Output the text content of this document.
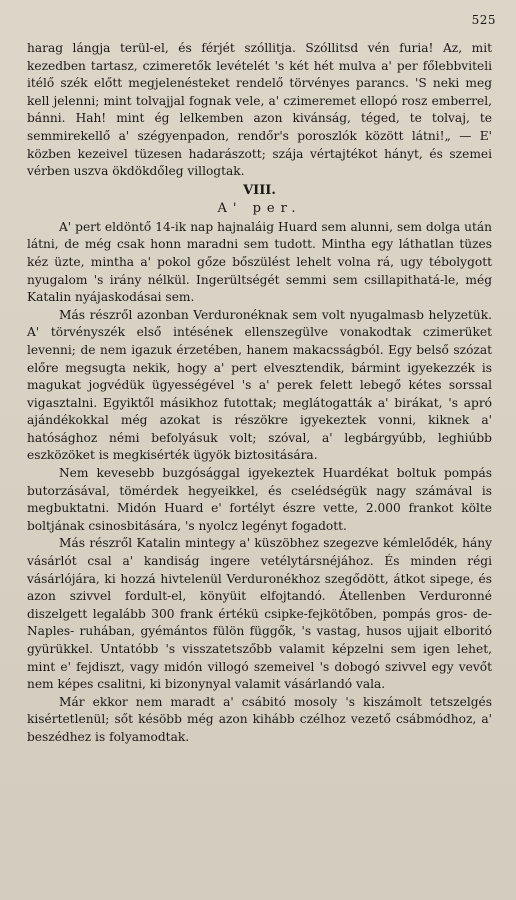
525

harag lángja terül-el, és férjét szóllitja. Szóllitsd vén furia! Az, mit kezedben tartasz, czimeretők levételét 's két hét mulva a' per főlebbviteli itélő szék előtt megjelenésteket rendelő törvényes parancs. 'S neki meg kell jelenni; mint tolvajjal fognak vele, a' czimeremet ellopó rosz emberrel, bánni. Hah! mint ég lelkemben azon kivánság, téged, te tolvaj, te semmirekellő a' szégyenpadon, rendőr's poroszlók között látni!„ — E' közben kezeivel tüzesen hadarászott; szája vértajtékot hányt, és szemei vérben uszva ökdökdőleg villogtak.

VIII.
A' per.

A' pert eldöntő 14-ik nap hajnaláig Huard sem alunni, sem dolga után látni, de még csak honn maradni sem tudott. Mintha egy láthatlan tüzes kéz üzte, mintha a' pokol gőze bőszülést lehelt volna rá, ugy tébolygott nyugalom 's irány nélkül. Ingerültségét semmi sem csillapithatá-le, még Katalin nyájaskodásai sem.

Más részről azonban Verduronéknak sem volt nyugalmasb helyzetük. A' törvényszék első intésének ellenszegülve vonakodtak czimerüket levenni; de nem igazuk érzetében, hanem makacsságból. Egy belső szózat előre megsugta nekik, hogy a' pert elvesztendik, bármint igyekezzék is magukat jogvédük ügyességével 's a' perek felett lebegő kétes sorssal vigasztalni. Egyiktől másikhoz futottak; meglátogatták a' birákat, 's apró ajándékokkal még azokat is részökre igyekeztek vonni, kiknek a' hatósághoz némi befolyásuk volt; szóval, a' legbárgyúbb, leghiúbb eszközöket is megkisérték ügyök biztositására.

Nem kevesebb buzgósággal igyekeztek Huardékat boltuk pompás butorzásával, tömérdek hegyeikkel, és cselédségük nagy számával is megbuktatni. Midón Huard e' fortélyt észre vette, 2.000 frankot költe boltjának csinosbitására, 's nyolcz legényt fogadott.

Más részről Katalin mintegy a' küszöbhez szegezve kémlelődék, hány vásárlót csal a' kandiság ingere vetélytársnéjához. És minden régi vásárlójára, ki hozzá hivtelenül Verduronékhoz szegődött, átkot sipege, és azon szivvel fordult-el, könyüit elfojtandó. Átellenben Verduronné diszelgett legalább 300 frank értékü csipke-fejkötőben, pompás gros- de- Naples- ruhában, gyémántos fülön függők, 's vastag, husos ujjait elboritó gyürükkel. Untatóbb 's visszatetszőbb valamit képzelni sem igen lehet, mint e' fejdiszt, vagy midón villogó szemeivel 's dobogó szivvel egy vevőt nem képes csalitni, ki bizonynyal valamit vásárlandó vala.

Már ekkor nem maradt a' csábitó mosoly 's kiszámolt tetszelgés kisértetlenül; sőt késöbb még azon kihább czélhoz vezető csábmódhoz, a' beszédhez is folyamodtak.
